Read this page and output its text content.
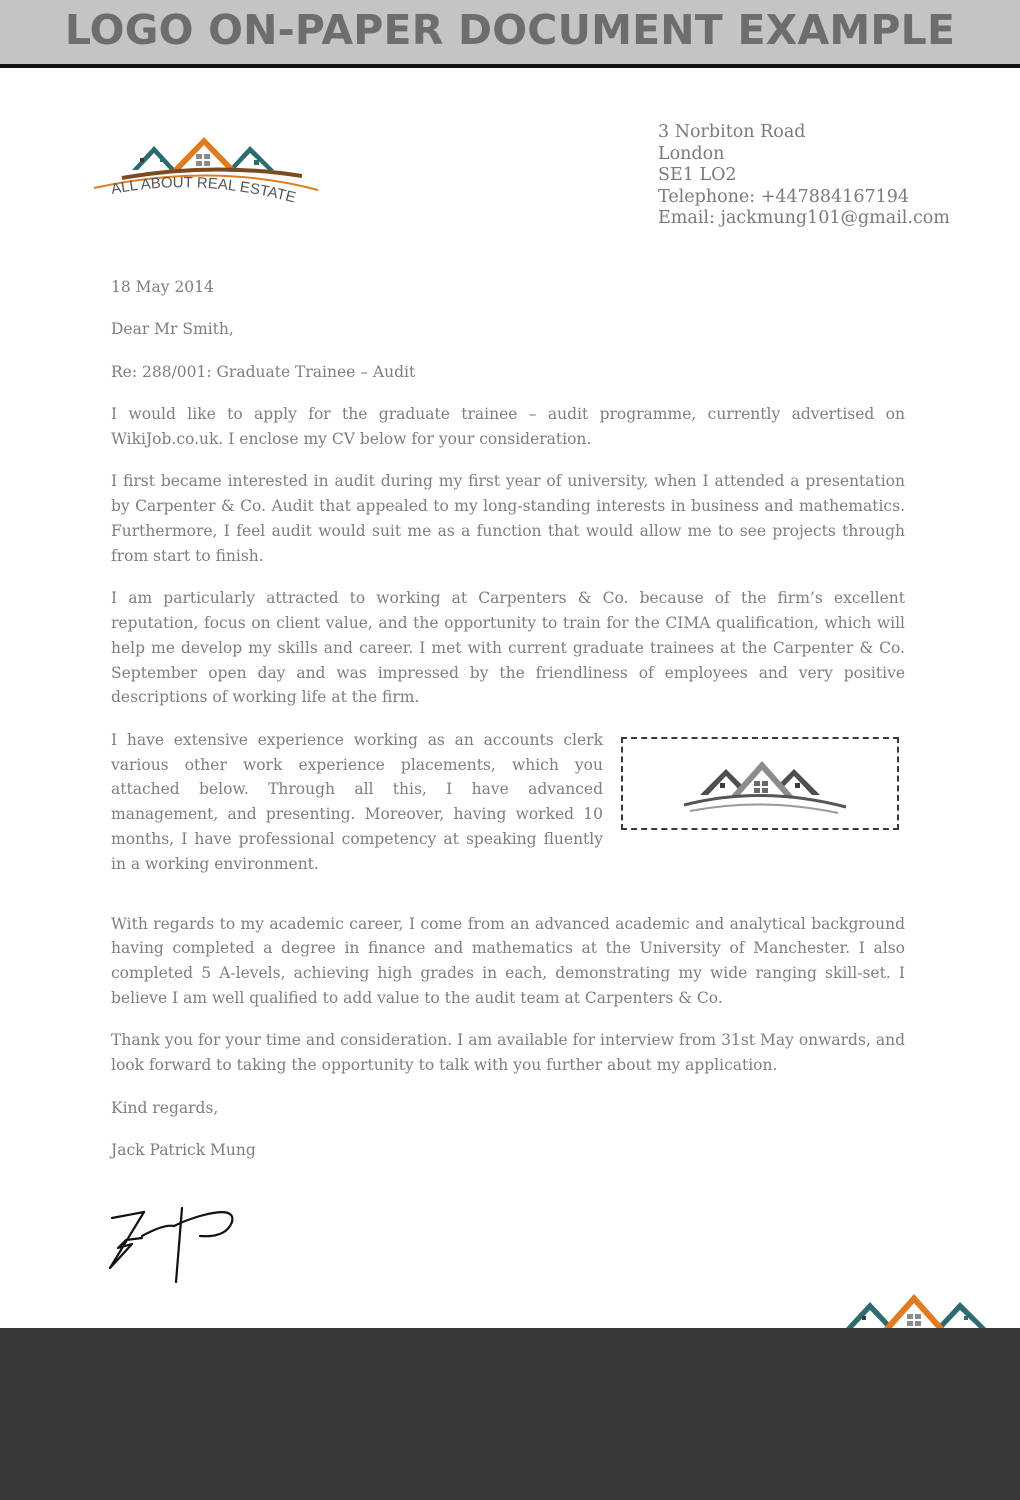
LOGO ON-PAPER DOCUMENT EXAMPLE
ALL ABOUT REAL ESTATE
3 Norbiton Road
London
SE1 LO2
Telephone: +447884167194
Email: jackmung101@gmail.com

18 May 2014

Dear Mr Smith,

Re: 288/001: Graduate Trainee – Audit

I would like to apply for the graduate trainee – audit programme, currently advertised on WikiJob.co.uk. I enclose my CV below for your consideration.

I first became interested in audit during my first year of university, when I attended a presentation by Carpenter & Co. Audit that appealed to my long-standing interests in business and mathematics. Furthermore, I feel audit would suit me as a function that would allow me to see projects through from start to finish.

I am particularly attracted to working at Carpenters & Co. because of the firm’s excellent reputation, focus on client value, and the opportunity to train for the CIMA qualification, which will help me develop my skills and career. I met with current graduate trainees at the Carpenter & Co. September open day and was impressed by the friendliness of employees and very positive descriptions of working life at the firm.

I have extensive experience working as an accounts clerk various other work experience placements, which you attached below. Through all this, I have advanced management, and presenting. Moreover, having worked 10 months, I have professional competency at speaking fluently in a working environment.

With regards to my academic career, I come from an advanced academic and analytical background having completed a degree in finance and mathematics at the University of Manchester. I also completed 5 A-levels, achieving high grades in each, demonstrating my wide ranging skill-set. I believe I am well qualified to add value to the audit team at Carpenters & Co.

Thank you for your time and consideration. I am available for interview from 31st May onwards, and look forward to taking the opportunity to talk with you further about my application.

Kind regards,

Jack Patrick Mung
